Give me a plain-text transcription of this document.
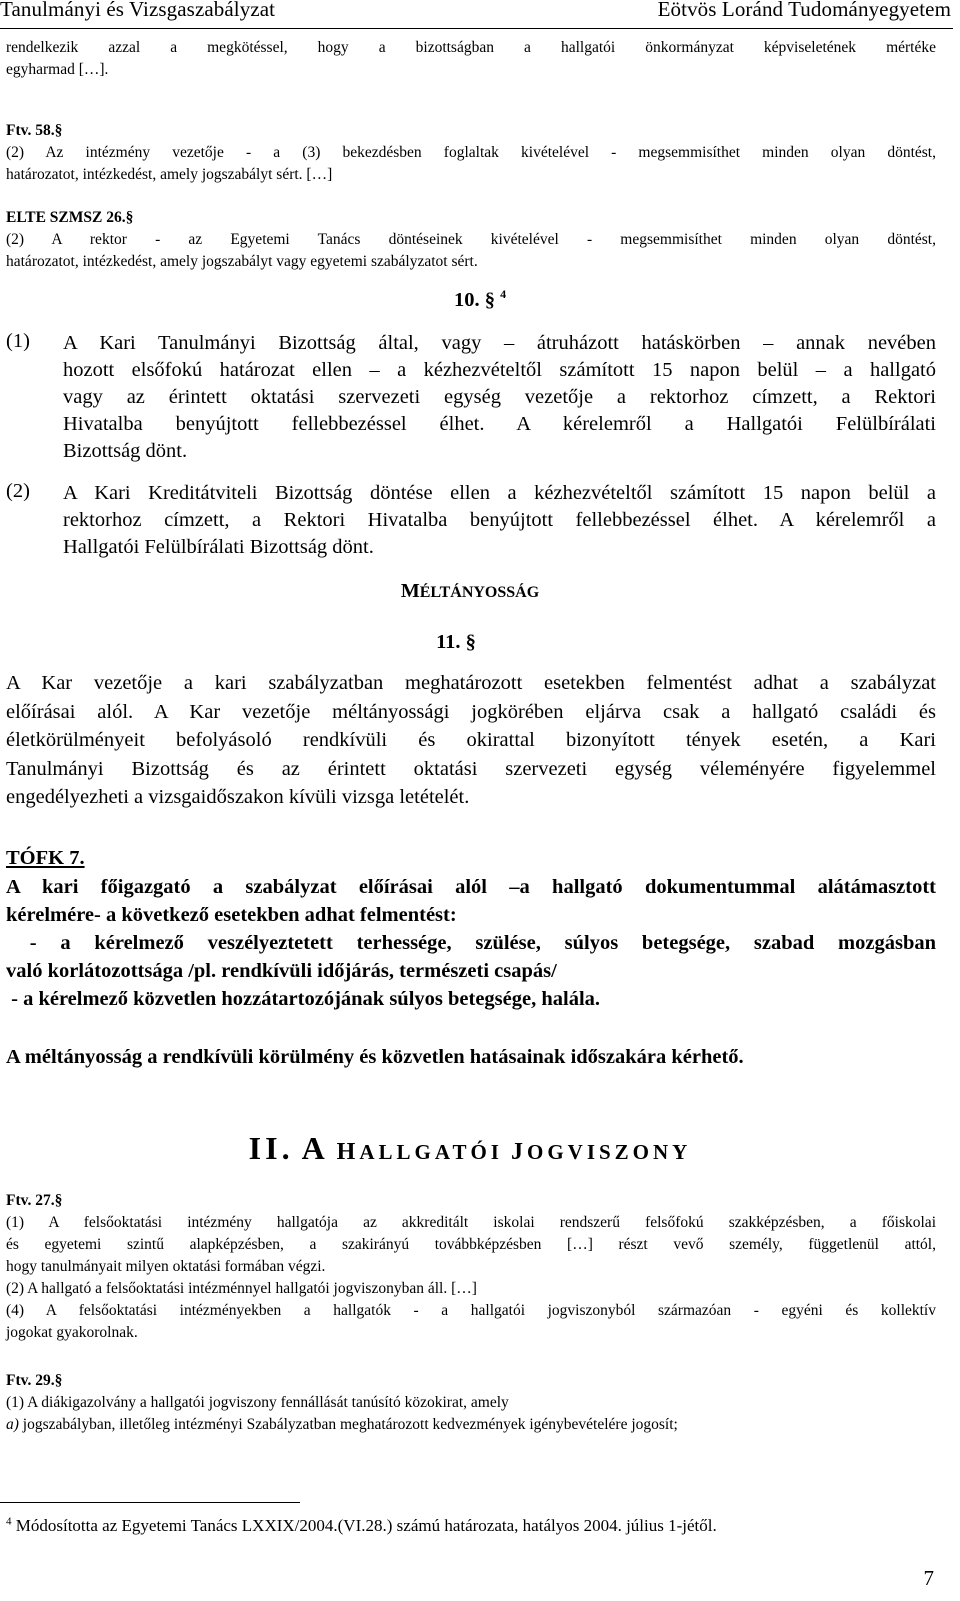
Tanulmányi és Vizsgaszabályzat	Eötvös Loránd Tudományegyetem
rendelkezik azzal a megkötéssel, hogy a bizottságban a hallgatói önkormányzat képviseletének mértéke
egyharmad […].
Ftv. 58.§
(2) Az intézmény vezetője - a (3) bekezdésben foglaltak kivételével - megsemmisíthet minden olyan döntést,
határozatot, intézkedést, amely jogszabályt sért. […]
ELTE SZMSZ 26.§
(2) A rektor - az Egyetemi Tanács döntéseinek kivételével - megsemmisíthet minden olyan döntést,
határozatot, intézkedést, amely jogszabályt vagy egyetemi szabályzatot sért.
10. § $^4$
(1) A Kari Tanulmányi Bizottság által, vagy – átruházott hatáskörben – annak nevében
hozott elsőfokú határozat ellen – a kézhezvételtől számított 15 napon belül – a hallgató
vagy az érintett oktatási szervezeti egység vezetője a rektorhoz címzett, a Rektori
Hivatalba benyújtott fellebbezéssel élhet. A kérelemről a Hallgatói Felülbírálati
Bizottság dönt.
(2) A Kari Kreditátviteli Bizottság döntése ellen a kézhezvételtől számított 15 napon belül a
rektorhoz címzett, a Rektori Hivatalba benyújtott fellebbezéssel élhet. A kérelemről a
Hallgatói Felülbírálati Bizottság dönt.
MÉLTÁNYOSSÁG
11. §
A Kar vezetője a kari szabályzatban meghatározott esetekben felmentést adhat a szabályzat
előírásai alól. A Kar vezetője méltányossági jogkörében eljárva csak a hallgató családi és
életkörülményeit befolyásoló rendkívüli és okirattal bizonyított tények esetén, a Kari
Tanulmányi Bizottság és az érintett oktatási szervezeti egység véleményére figyelemmel
engedélyezheti a vizsgaidőszakon kívüli vizsga letételét.
TÓFK 7.
A kari főigazgató a szabályzat előírásai alól –a hallgató dokumentummal alátámasztott
kérelmére- a következő esetekben adhat felmentést:
- a kérelmező veszélyeztetett terhessége, szülése, súlyos betegsége, szabad mozgásban
való korlátozottsága /pl. rendkívüli időjárás, természeti csapás/
- a kérelmező közvetlen hozzátartozójának súlyos betegsége, halála.
A méltányosság a rendkívüli körülmény és közvetlen hatásainak időszakára kérhető.
II. A HALLGATÓI JOGVISZONY
Ftv. 27.§
(1) A felsőoktatási intézmény hallgatója az akkreditált iskolai rendszerű felsőfokú szakképzésben, a főiskolai
és egyetemi szintű alapképzésben, a szakirányú továbbképzésben […] részt vevő személy, függetlenül attól,
hogy tanulmányait milyen oktatási formában végzi.
(2) A hallgató a felsőoktatási intézménnyel hallgatói jogviszonyban áll. […]
(4) A felsőoktatási intézményekben a hallgatók - a hallgatói jogviszonyból származóan - egyéni és kollektív
jogokat gyakorolnak.
Ftv. 29.§
(1) A diákigazolvány a hallgatói jogviszony fennállását tanúsító közokirat, amely
a) jogszabályban, illetőleg intézményi Szabályzatban meghatározott kedvezmények igénybevételére jogosít;
$^4$ Módosította az Egyetemi Tanács LXXIX/2004.(VI.28.) számú határozata, hatályos 2004. július 1-jétől.
7
